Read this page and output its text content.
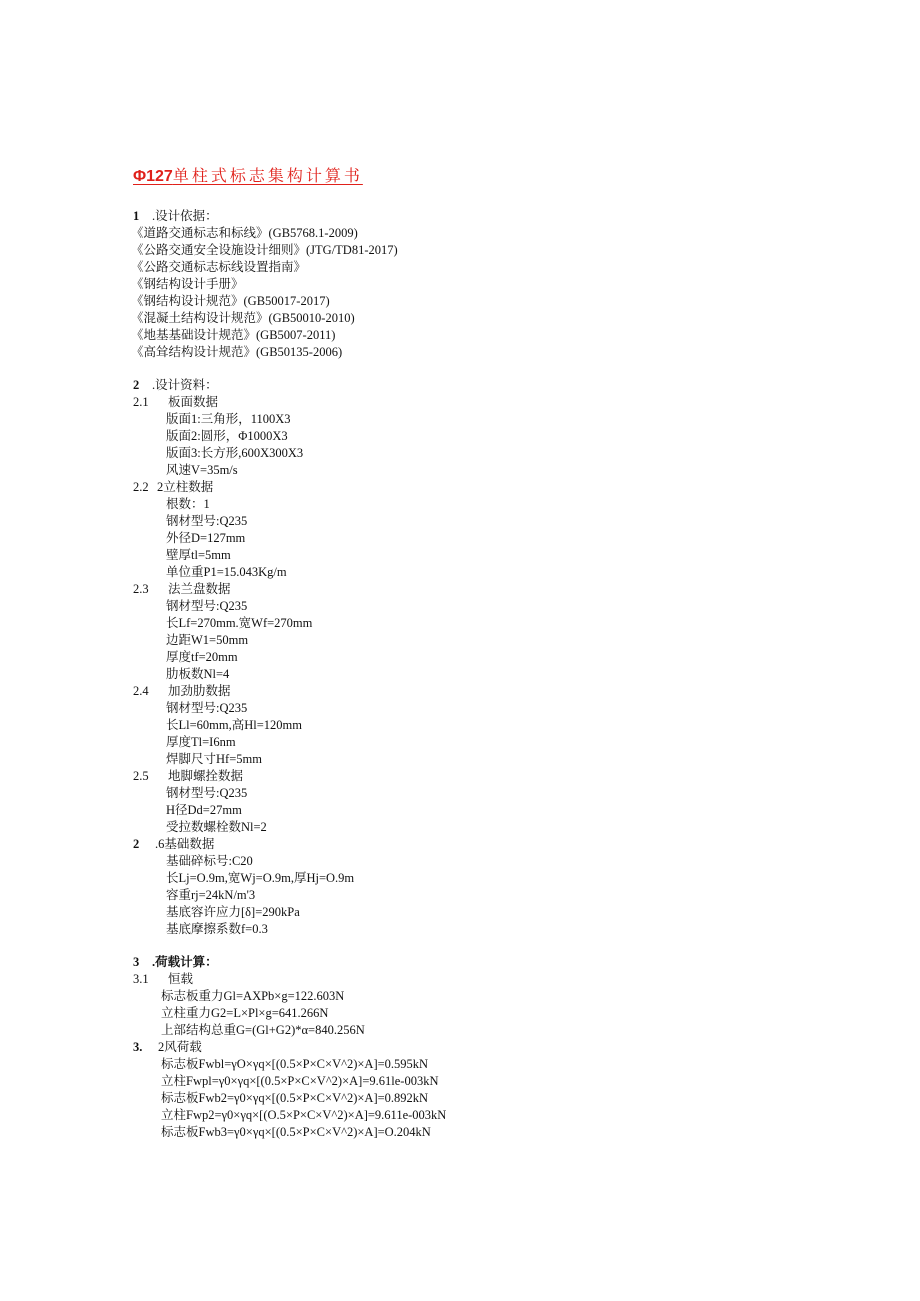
Φ127单柱式标志集构计算书
1 .设计依据：
《道路交通标志和标线》(GB5768.1-2009)
《公路交通安全设施设计细则》(JTG/TD81-2017)
《公路交通标志标线设置指南》
《钢结构设计手册》
《钢结构设计规范》(GB50017-2017)
《混凝土结构设计规范》(GB50010-2010)
《地基基础设计规范》(GB5007-2011)
《高耸结构设计规范》(GB50135-2006)
2 .设计资料：
2.1 板面数据
版面1:三角形，1100X3
版面2:圆形，Φ1000X3
版面3:长方形,600X300X3
风速V=35m/s
2.2 2立柱数据
根数：1
钢材型号:Q235
外径D=127mm
壁厚tl=5mm
单位重P1=15.043Kg/m
2.3 法兰盘数据
钢材型号:Q235
长Lf=270mm.宽Wf=270mm
边距W1=50mm
厚度tf=20mm
肋板数Nl=4
2.4 加劲肋数据
钢材型号:Q235
长Ll=60mm,高Hl=120mm
厚度Tl=I6nm
焊脚尺寸Hf=5mm
2.5 地脚螺拴数据
钢材型号:Q235
H径Dd=27mm
受拉数螺栓数Nl=2
2 .6基础数据
基础碎标号:C20
长Lj=O.9m,宽Wj=O.9m,厚Hj=O.9m
容重rj=24kN/m'3
基底容许应力[δ]=290kPa
基底摩擦系数f=0.3
3 .荷载计算：
3.1 恒载
标志板重力Gl=AXPb×g=122.603N
立柱重力G2=L×Pl×g=641.266N
上部结构总重G=(Gl+G2)*α=840.256N
3. 2风荷载
标志板Fwbl=γO×γq×[(0.5×P×C×V^2)×A]=0.595kN
立柱Fwpl=γ0×γq×[(0.5×P×C×V^2)×A]=9.61le-003kN
标志板Fwb2=γ0×γq×[(0.5×P×C×V^2)×A]=0.892kN
立柱Fwp2=γ0×γq×[(O.5×P×C×V^2)×A]=9.611e-003kN
标志板Fwb3=γ0×γq×[(0.5×P×C×V^2)×A]=O.204kN
